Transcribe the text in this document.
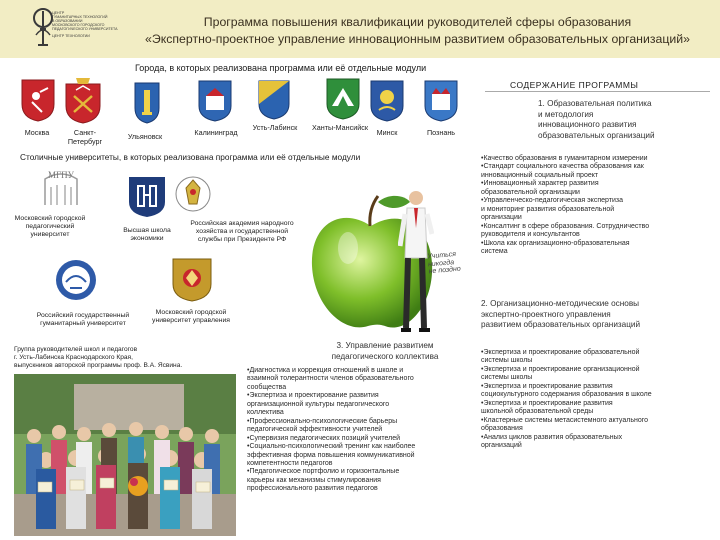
ЦЕНТР
ГУМАНИТАРНЫХ ТЕХНОЛОГИЙ
В ОБРАЗОВАНИИ
МОСКОВСКОГО ГОРОДСКОГО
ПЕДАГОГИЧЕСКОГО УНИВЕРСИТЕТА
ЦЕНТР ТЕХНОЛОГИИ
Программа повышения квалификации руководителей сферы образования
«Экспертно-проектное управление инновационным развитием образовательных организаций»
Города, в которых реализована программа или её отдельные модули
Москва	Санкт-Петербург	Ульяновск	Калининград
Усть-Лабинск	Ханты-Мансийск
Минск	Познань
Столичные университеты, в которых реализована программа или её отдельные модули
МГПУ
Московский городской педагогический университет
Высшая школа экономики
Российская академия народного хозяйства и государственной службы при Президенте РФ
Российский государственный гуманитарный университет
Московский городской университет управления
Учиться
никогда
не поздно
Группа руководителей школ и педагогов
г. Усть-Лабинска Краснодарского Края,
выпускников авторской программы проф. В.А. Ясвина.
СОДЕРЖАНИЕ ПРОГРАММЫ
1. Образовательная политика
и методология
инновационного развития
образовательных организаций
•Качество образования в гуманитарном измерении
•Стандарт социального качества образования как
инновационный социальный проект
•Инновационный характер развития
образовательной организации
•Управленческо-педагогическая экспертиза
и мониторинг развития образовательной
организации
•Консалтинг в сфере образования. Сотрудничество
руководителя и консультантов
•Школа как организационно-образовательная
система
2. Организационно-методические основы
экспертно-проектного управления
развитием образовательных организаций
•Экспертиза и проектирование образовательной
системы школы
•Экспертиза и проектирование организационной
системы школы
•Экспертиза и проектирование развития
социокультурного содержания образования в школе
•Экспертиза и проектирование развития
школьной образовательной среды
•Кластерные системы метасистемного актуального
образования
•Анализ циклов развития образовательных
организаций
3. Управление развитием
педагогического коллектива
•Диагностика и коррекция отношений в школе и
взаимной толерантности членов образовательного
сообщества
•Экспертиза и проектирование развития
организационной культуры педагогического
коллектива
•Профессионально-психологические барьеры
педагогической эффективности учителей
•Супервизия педагогических позиций учителей
•Социально-психологический тренинг как наиболее
эффективная форма повышения коммуникативной
компетентности педагогов
•Педагогическое портфолио и горизонтальные
карьеры как механизмы стимулирования
профессионального развития педагогов
